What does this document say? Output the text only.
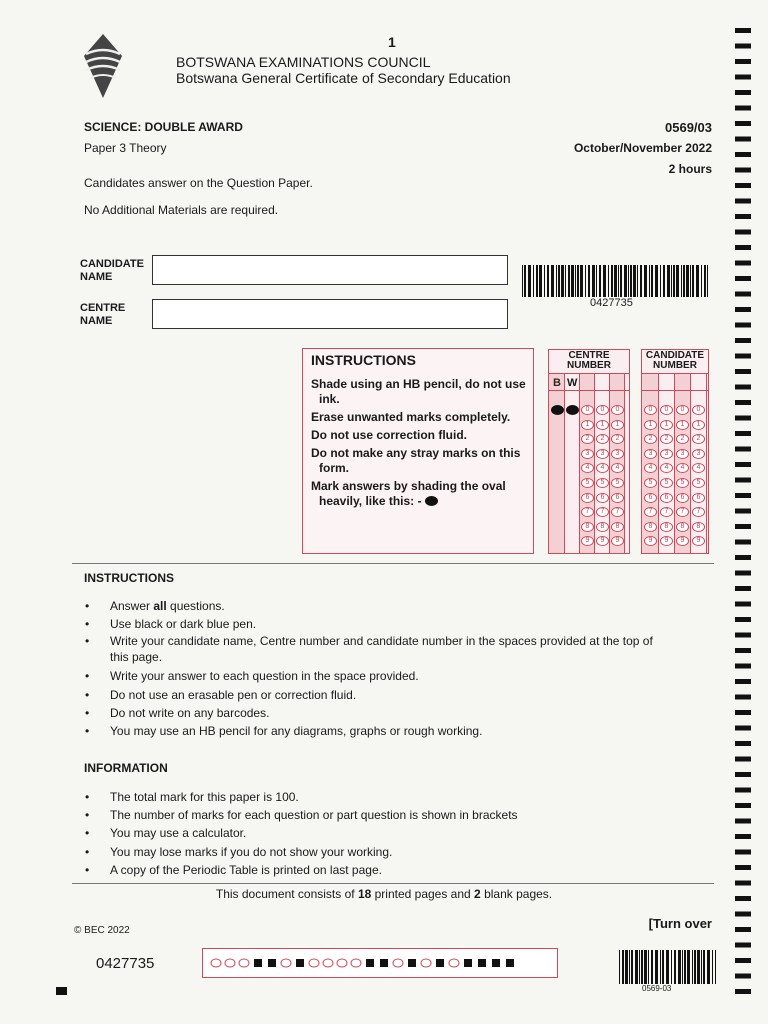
1
BOTSWANA EXAMINATIONS COUNCIL
Botswana General Certificate of Secondary Education
SCIENCE: DOUBLE AWARD
Paper 3 Theory
0569/03
October/November 2022
2 hours
Candidates answer on the Question Paper.
No Additional Materials are required.
CANDIDATE NAME
CENTRE NAME
0427735
INSTRUCTIONS
Shade using an HB pencil, do not use ink.
Erase unwanted marks completely.
Do not use correction fluid.
Do not make any stray marks on this form.
Mark answers by shading the oval heavily, like this: -
CENTRE NUMBER
B W
0
1
2
3
4
5
6
7
8
9
0
1
2
3
4
5
6
7
8
9
0
1
2
3
4
5
6
7
8
9
CANDIDATE NUMBER
0
1
2
3
4
5
6
7
8
9
0
1
2
3
4
5
6
7
8
9
0
1
2
3
4
5
6
7
8
9
0
1
2
3
4
5
6
7
8
9
INSTRUCTIONS
• Answer all questions.
• Use black or dark blue pen.
• Write your candidate name, Centre number and candidate number in the spaces provided at the top of this page.
• Write your answer to each question in the space provided.
• Do not use an erasable pen or correction fluid.
• Do not write on any barcodes.
• You may use an HB pencil for any diagrams, graphs or rough working.
INFORMATION
• The total mark for this paper is 100.
• The number of marks for each question or part question is shown in brackets
• You may use a calculator.
• You may lose marks if you do not show your working.
• A copy of the Periodic Table is printed on last page.
This document consists of 18 printed pages and 2 blank pages.
© BEC 2022	[Turn over
0427735
0569-03
